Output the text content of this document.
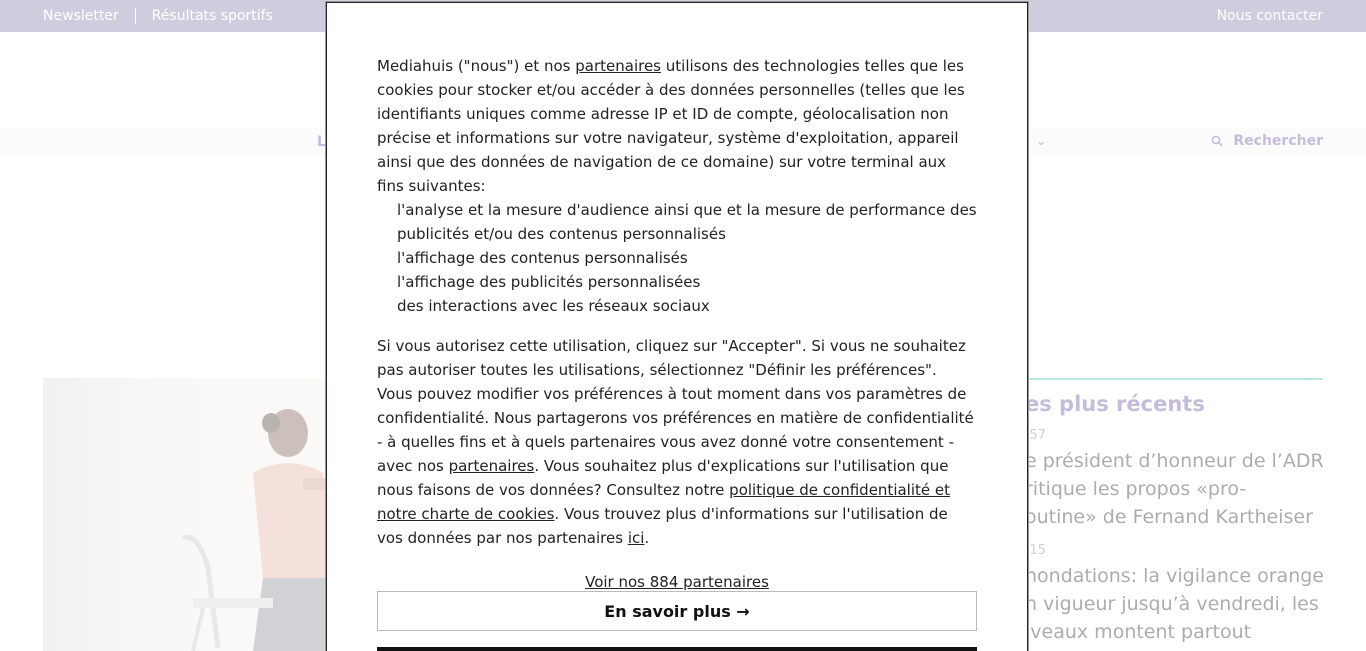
Mediahuis ("nous") et nos partenaires utilisons des technologies telles que les cookies pour stocker et/ou accéder à des données personnelles (telles que les identifiants uniques comme adresse IP et ID de compte, géolocalisation non précise et informations sur votre navigateur, système d'exploitation, appareil ainsi que des données de navigation de ce domaine) sur votre terminal aux fins suivantes:

l'analyse et la mesure d'audience ainsi que et la mesure de performance des publicités et/ou des contenus personnalisés
l'affichage des contenus personnalisés
l'affichage des publicités personnalisées
des interactions avec les réseaux sociaux

Si vous autorisez cette utilisation, cliquez sur "Accepter". Si vous ne souhaitez pas autoriser toutes les utilisations, sélectionnez "Définir les préférences". Vous pouvez modifier vos préférences à tout moment dans vos paramètres de confidentialité. Nous partagerons vos préférences en matière de confidentialité - à quelles fins et à quels partenaires vous avez donné votre consentement - avec nos partenaires. Vous souhaitez plus d'explications sur l'utilisation que nous faisons de vos données? Consultez notre politique de confidentialité et notre charte de cookies. Vous trouvez plus d'informations sur l'utilisation de vos données par nos partenaires ici.

Voir nos 884 partenaires
En savoir plus →
